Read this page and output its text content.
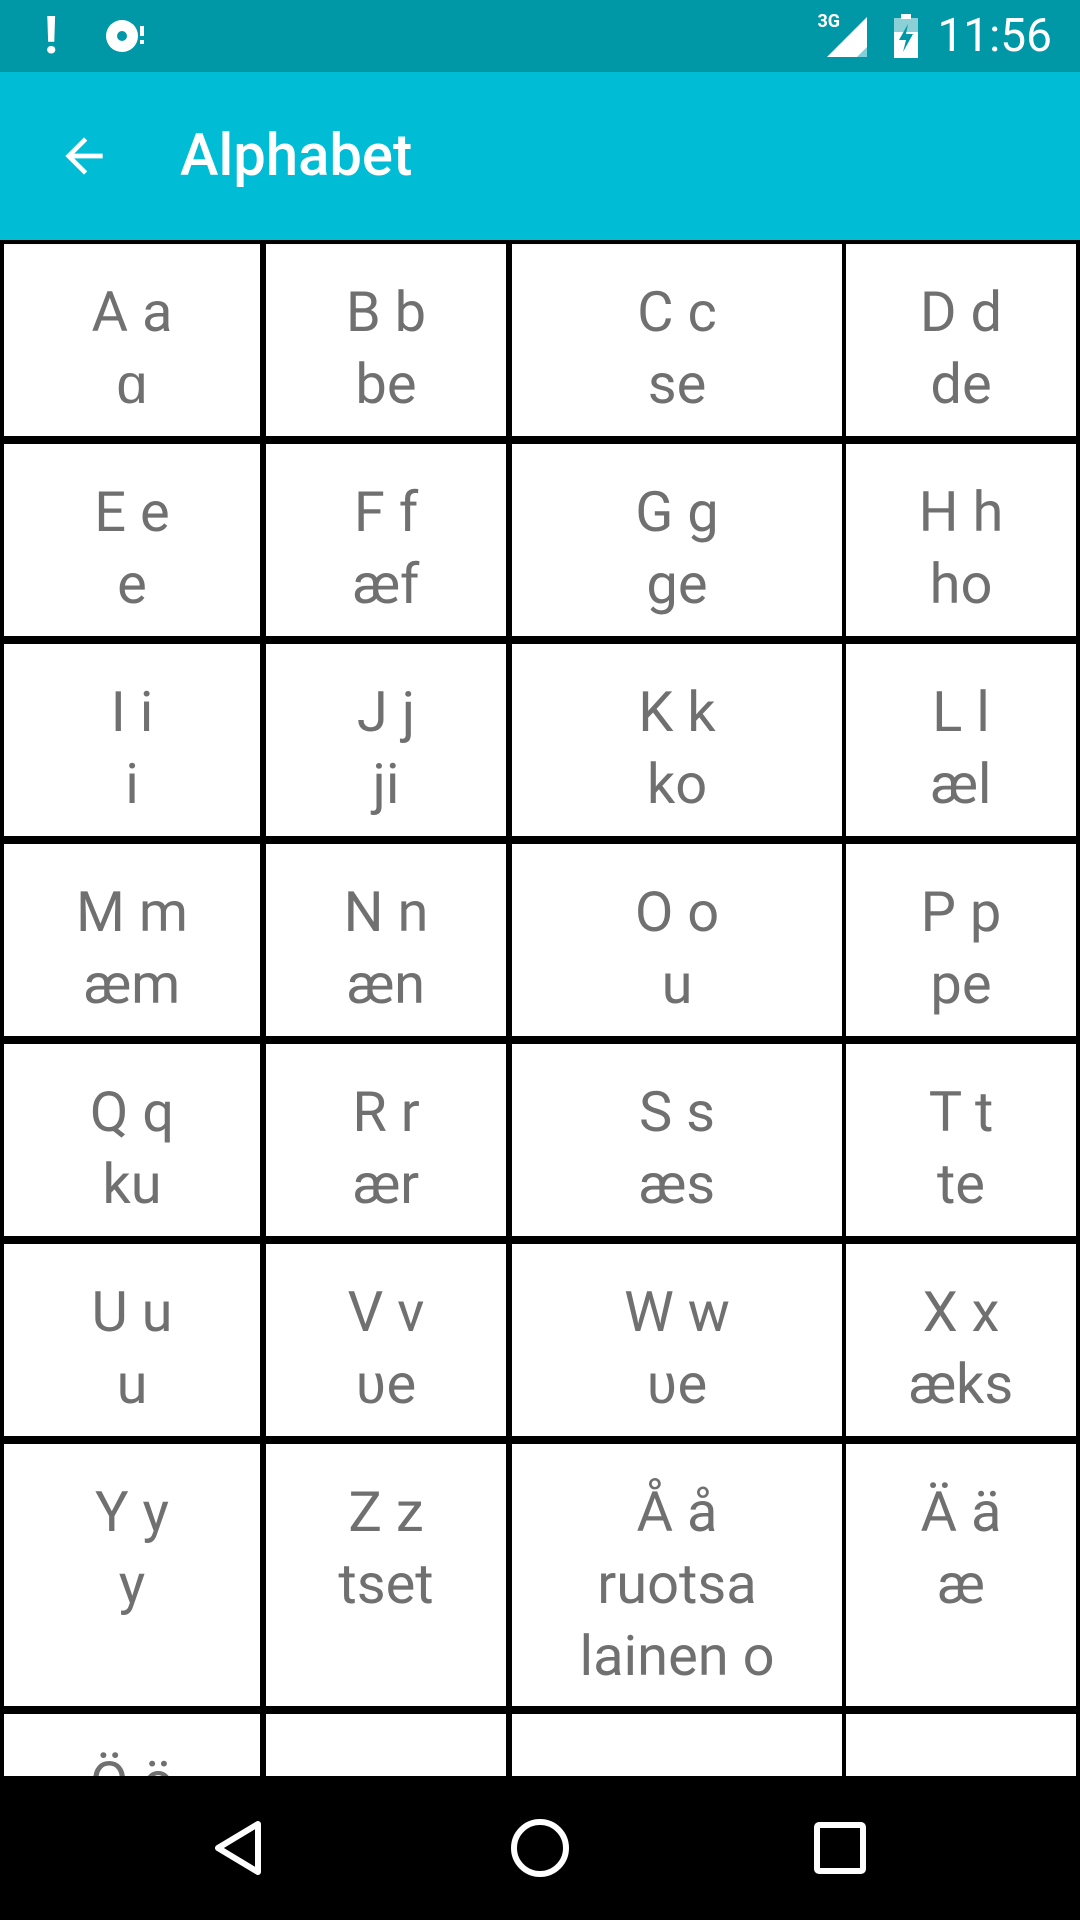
!	3G 11:56
Alphabet
A a
ɑ
B b
be
C c
se
D d
de
E e
e
F f
æf
G g
ge
H h
ho
I i
i
J j
ji
K k
ko
L l
æl
M m
æm
N n
æn
O o
u
P p
pe
Q q
ku
R r
ær
S s
æs
T t
te
U u
u
V v
ʋe
W w
ʋe
X x
æks
Y y
y
Z z
tset
Å å
ruotsa
lainen o
Ä ä
æ
